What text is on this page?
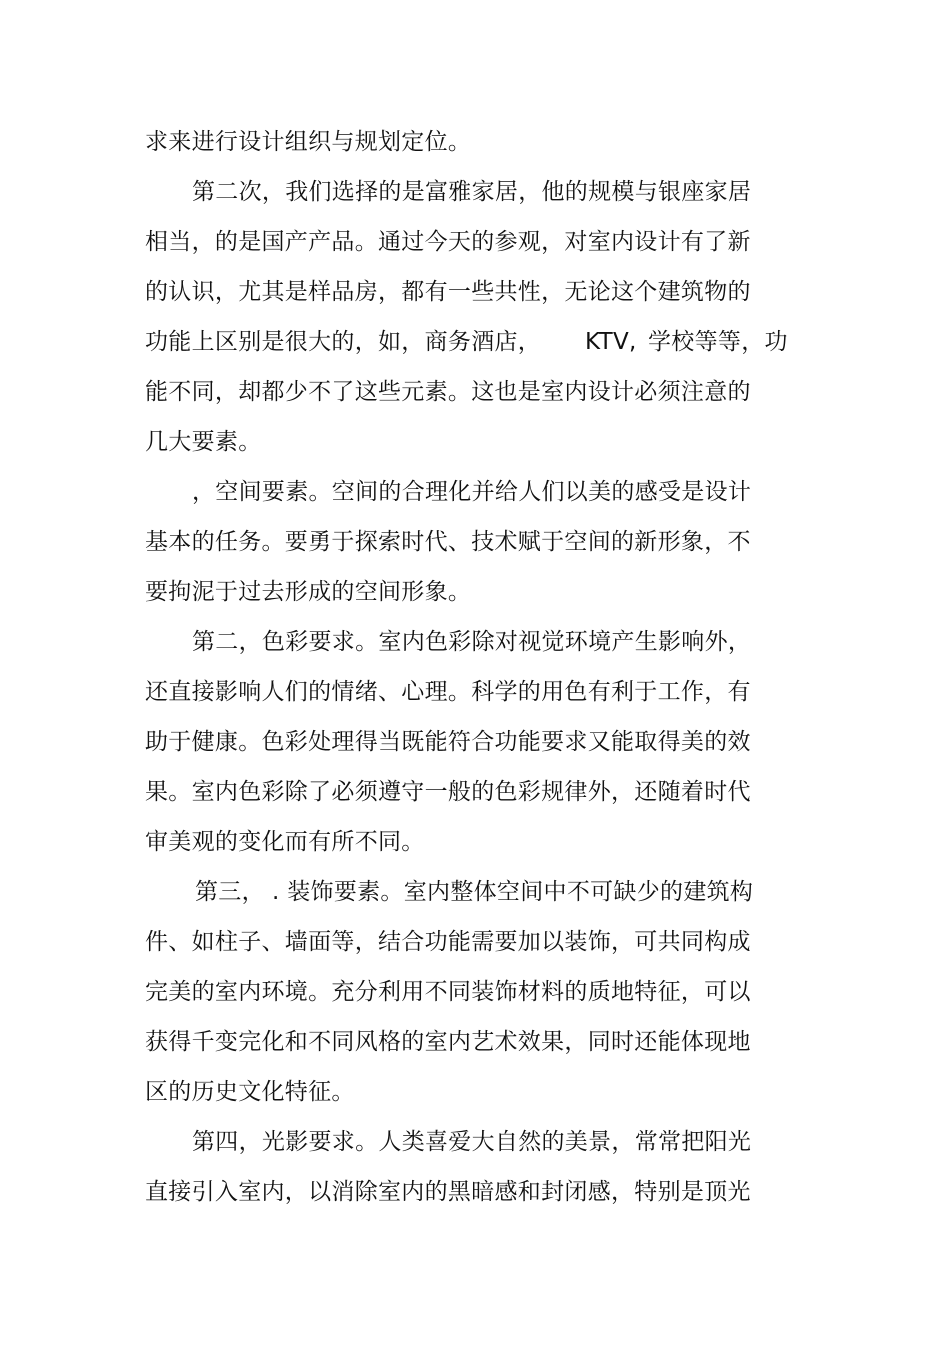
求来进行设计组织与规划定位。
第二次，我们选择的是富雅家居，他的规模与银座家居
相当，的是国产产品。通过今天的参观，对室内设计有了新
的认识，尤其是样品房，都有一些共性，无论这个建筑物的
功能上区别是很大的，如，商务酒店， KTV, 学校等等，功
能不同，却都少不了这些元素。这也是室内设计必须注意的
几大要素。
，空间要素。空间的合理化并给人们以美的感受是设计
基本的任务。要勇于探索时代、技术赋于空间的新形象，不
要拘泥于过去形成的空间形象。
第二，色彩要求。室内色彩除对视觉环境产生影响外，
还直接影响人们的情绪、心理。科学的用色有利于工作，有
助于健康。色彩处理得当既能符合功能要求又能取得美的效
果。室内色彩除了必须遵守一般的色彩规律外，还随着时代
审美观的变化而有所不同。
第三， . 装饰要素。室内整体空间中不可缺少的建筑构
件、如柱子、墙面等，结合功能需要加以装饰，可共同构成
完美的室内环境。充分利用不同装饰材料的质地特征，可以
获得千变完化和不同风格的室内艺术效果，同时还能体现地
区的历史文化特征。
第四，光影要求。人类喜爱大自然的美景，常常把阳光
直接引入室内，以消除室内的黑暗感和封闭感，特别是顶光
